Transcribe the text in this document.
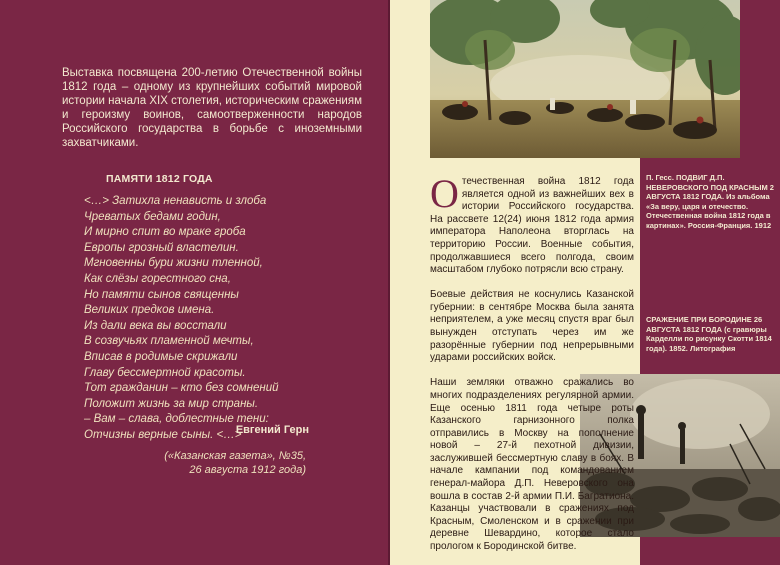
Выставка посвящена 200-летию Отечественной войны 1812 года – одному из крупнейших событий мировой истории начала XIX столетия, историческим сражениям и героизму воинов, самоотверженности народов Российского государства в борьбе с иноземными захватчиками.

ПАМЯТИ 1812 ГОДА
<…> Затихла ненависть и злоба
Чреватых бедами годин,
И мирно спит во мраке гроба
Европы грозный властелин.
Мгновенны бури жизни тленной,
Как слёзы горестного сна,
Но памяти сынов священны
Великих предков имена.
Из дали века вы восстали
В созвучьях пламенной мечты,
Вписав в родимые скрижали
Главу бессмертной красоты.
Тот гражданин – кто без сомнений
Положит жизнь за мир страны.
– Вам – слава, доблестные тени:
Отчизны верные сыны. <…>
Евгений Герн
(«Казанская газета», №35,
26 августа 1912 года)
П. Гесс. ПОДВИГ Д.П. НЕВЕРОВСКОГО ПОД КРАСНЫМ 2 АВГУСТА 1812 ГОДА. Из альбома «За веру, царя и отечество. Отечественная война 1812 года в картинах». Россия-Франция. 1912
СРАЖЕНИЕ ПРИ БОРОДИНЕ 26 АВГУСТА 1812 ГОДА (с гравюры Карделли по рисунку Скотти 1814 года). 1852. Литография

Отечественная война 1812 года является одной из важнейших вех в истории Российского государства. На рассвете 12(24) июня 1812 года армия императора Наполеона вторглась на территорию России. Военные события, продолжавшиеся всего полгода, своим масштабом глубоко потрясли всю страну.

Боевые действия не коснулись Казанской губернии: в сентябре Москва была занята неприятелем, а уже месяц спустя враг был вынужден отступать через им же разорённые губернии под непрерывными ударами российских войск.

Наши земляки отважно сражались во многих подразделениях регулярной армии. Еще осенью 1811 года четыре роты Казанского гарнизонного полка отправились в Москву на пополнение новой – 27-й пехотной дивизии, заслужившей бессмертную славу в боях. В начале кампании под командованием генерал-майора Д.П. Неверовского она вошла в состав 2-й армии П.И. Багратиона. Казанцы участвовали в сражениях под Красным, Смоленском и в сражении при деревне Шевардино, которое стало прологом к Бородинской битве.
